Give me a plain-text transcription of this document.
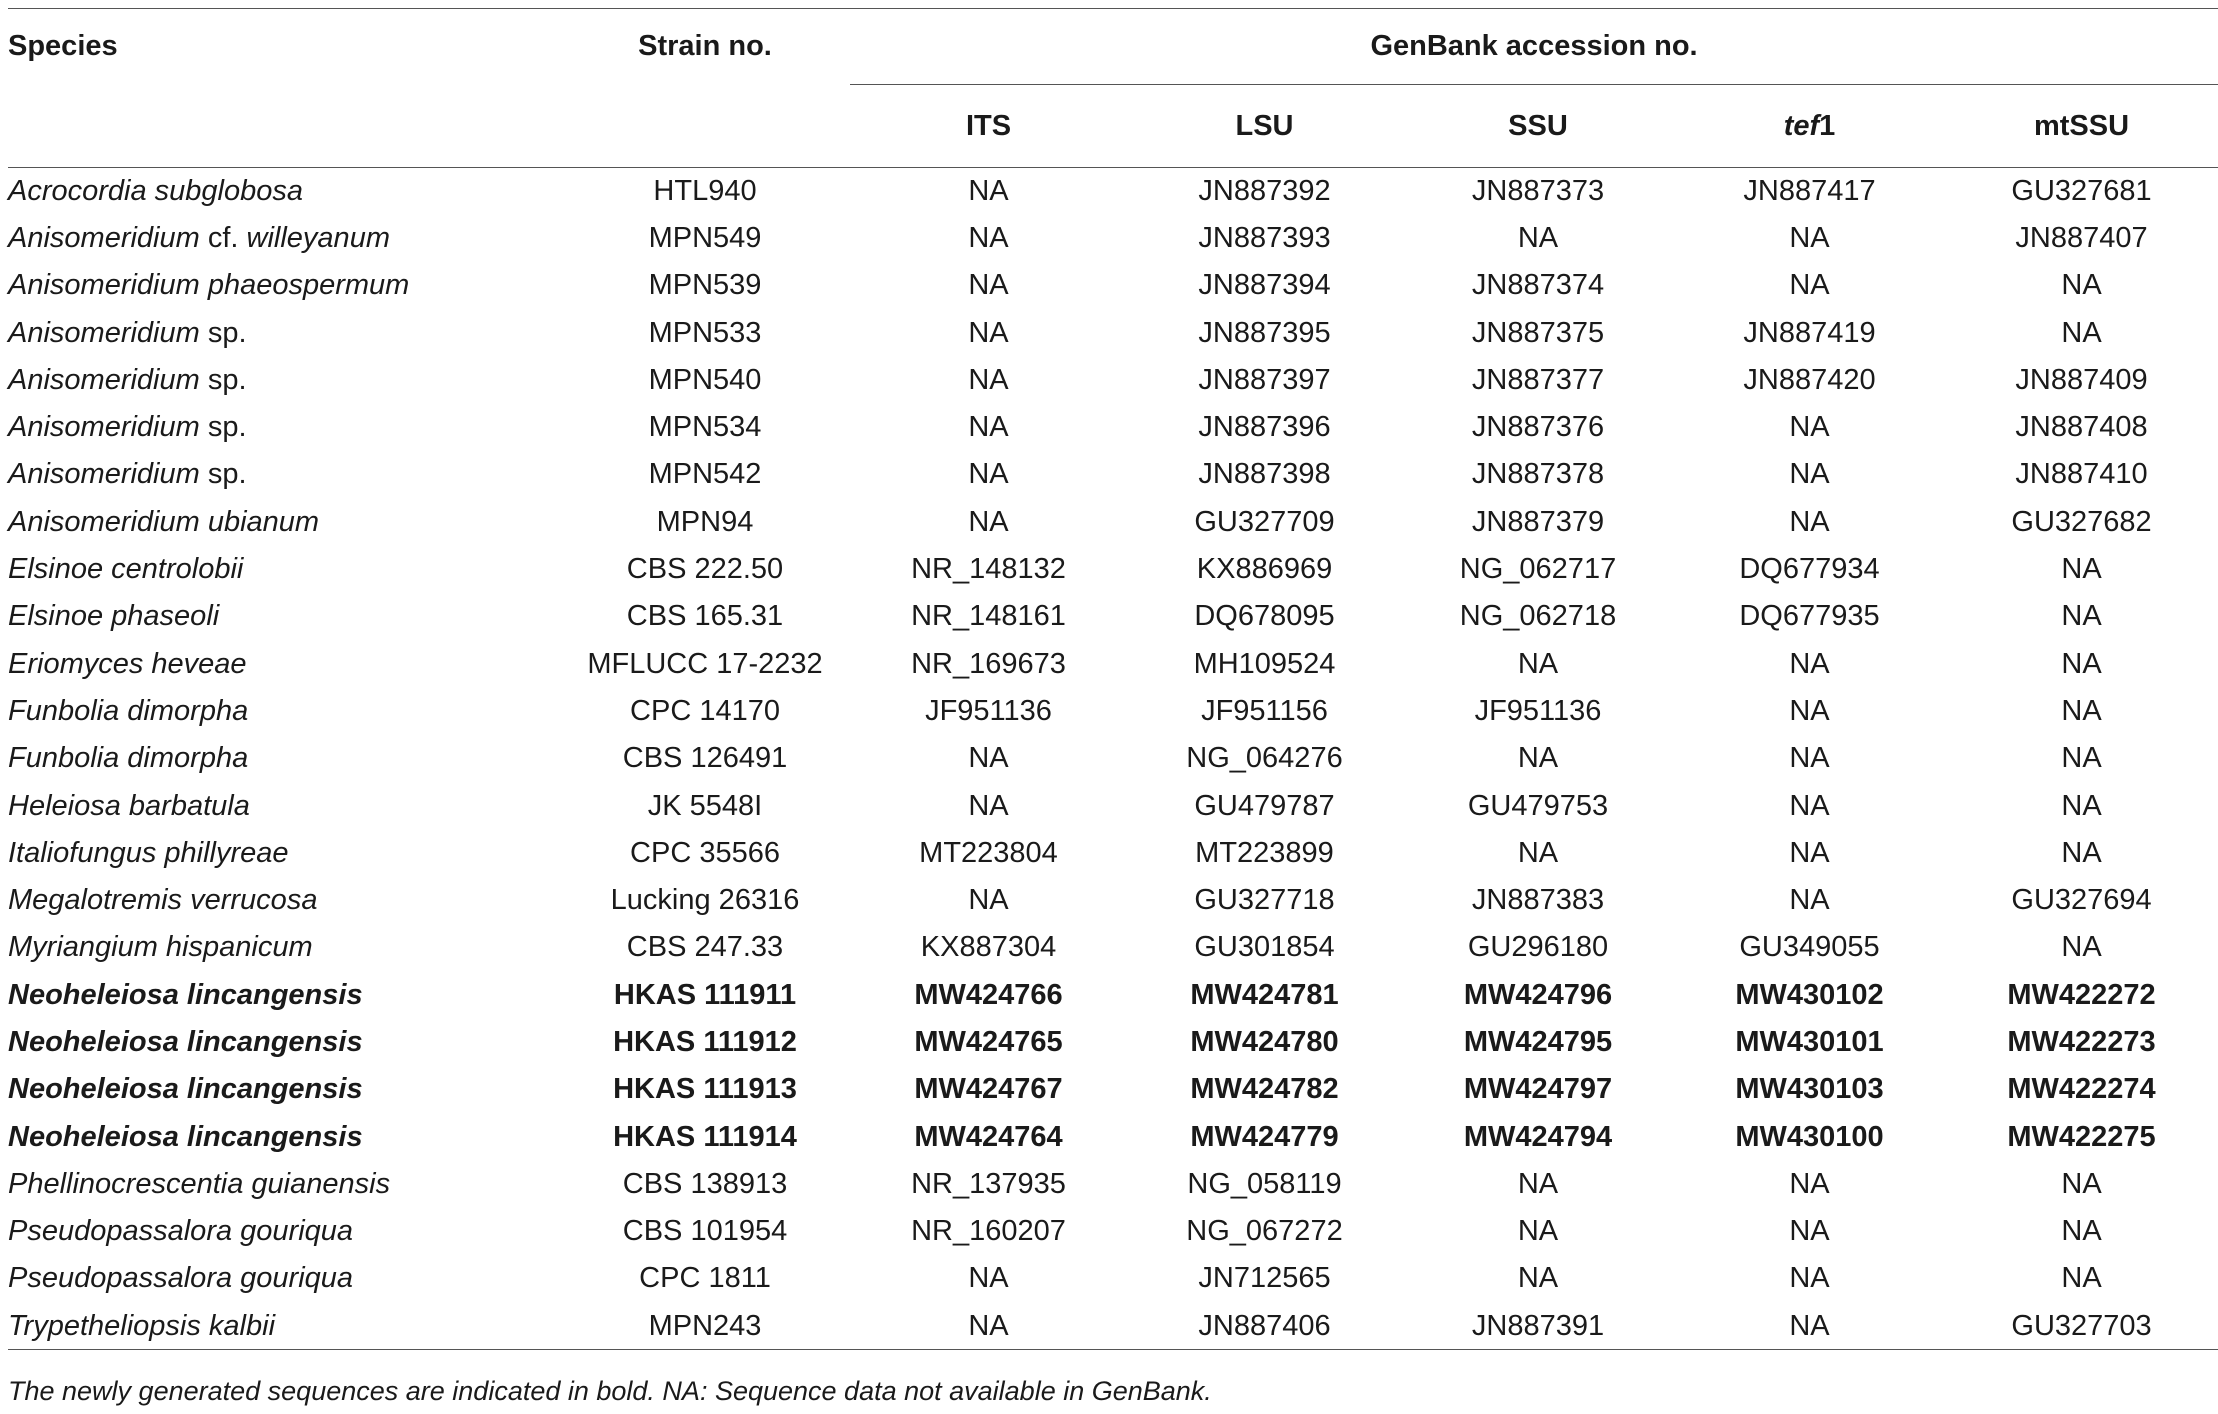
Species	Strain no.	GenBank accession no.				
		ITS	LSU	SSU	tef1	mtSSU
Acrocordia subglobosa	HTL940	NA	JN887392	JN887373	JN887417	GU327681
Anisomeridium cf. willeyanum	MPN549	NA	JN887393	NA	NA	JN887407
Anisomeridium phaeospermum	MPN539	NA	JN887394	JN887374	NA	NA
Anisomeridium sp.	MPN533	NA	JN887395	JN887375	JN887419	NA
Anisomeridium sp.	MPN540	NA	JN887397	JN887377	JN887420	JN887409
Anisomeridium sp.	MPN534	NA	JN887396	JN887376	NA	JN887408
Anisomeridium sp.	MPN542	NA	JN887398	JN887378	NA	JN887410
Anisomeridium ubianum	MPN94	NA	GU327709	JN887379	NA	GU327682
Elsinoe centrolobii	CBS 222.50	NR_148132	KX886969	NG_062717	DQ677934	NA
Elsinoe phaseoli	CBS 165.31	NR_148161	DQ678095	NG_062718	DQ677935	NA
Eriomyces heveae	MFLUCC 17-2232	NR_169673	MH109524	NA	NA	NA
Funbolia dimorpha	CPC 14170	JF951136	JF951156	JF951136	NA	NA
Funbolia dimorpha	CBS 126491	NA	NG_064276	NA	NA	NA
Heleiosa barbatula	JK 5548I	NA	GU479787	GU479753	NA	NA
Italiofungus phillyreae	CPC 35566	MT223804	MT223899	NA	NA	NA
Megalotremis verrucosa	Lucking 26316	NA	GU327718	JN887383	NA	GU327694
Myriangium hispanicum	CBS 247.33	KX887304	GU301854	GU296180	GU349055	NA
Neoheleiosa lincangensis	HKAS 111911	MW424766	MW424781	MW424796	MW430102	MW422272
Neoheleiosa lincangensis	HKAS 111912	MW424765	MW424780	MW424795	MW430101	MW422273
Neoheleiosa lincangensis	HKAS 111913	MW424767	MW424782	MW424797	MW430103	MW422274
Neoheleiosa lincangensis	HKAS 111914	MW424764	MW424779	MW424794	MW430100	MW422275
Phellinocrescentia guianensis	CBS 138913	NR_137935	NG_058119	NA	NA	NA
Pseudopassalora gouriqua	CBS 101954	NR_160207	NG_067272	NA	NA	NA
Pseudopassalora gouriqua	CPC 1811	NA	JN712565	NA	NA	NA
Trypetheliopsis kalbii	MPN243	NA	JN887406	JN887391	NA	GU327703
The newly generated sequences are indicated in bold. NA: Sequence data not available in GenBank.
